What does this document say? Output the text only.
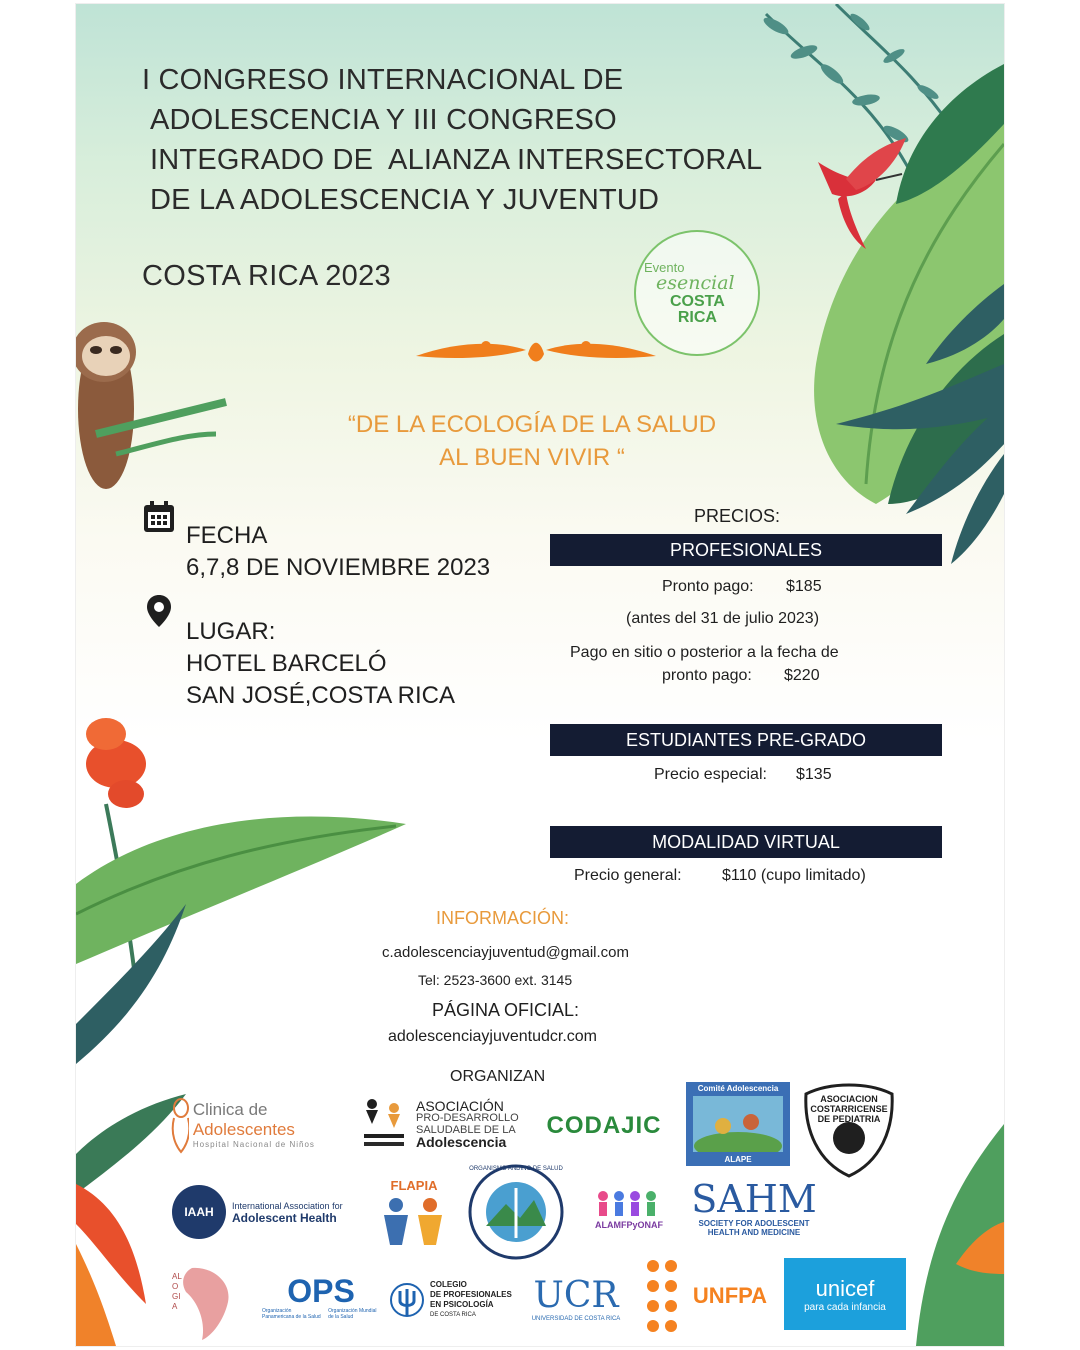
I CONGRESO INTERNACIONAL DE
ADOLESCENCIA Y III CONGRESO
INTEGRADO DE  ALIANZA INTERSECTORAL
DE LA ADOLESCENCIA Y JUVENTUD
COSTA RICA 2023	Evento
esencial
COSTA
RICA
“DE LA ECOLOGÍA DE LA SALUD
AL BUEN VIVIR “
FECHA
6,7,8 DE NOVIEMBRE 2023
LUGAR:
HOTEL BARCELÓ
SAN JOSÉ,COSTA RICA
PRECIOS:
PROFESIONALES
Pronto pago: $185
(antes del 31 de julio 2023)
Pago en sitio o posterior a la fecha de
pronto pago: $220
ESTUDIANTES PRE-GRADO
Precio especial: $135
MODALIDAD VIRTUAL
Precio general:	$110 (cupo limitado)
INFORMACIÓN:
c.adolescenciayjuventud@gmail.com
Tel: 2523-3600 ext. 3145
PÁGINA OFICIAL:
adolescenciayjuventudcr.com
ORGANIZAN
Clinica de Adolescentes
Hospital Nacional de Niños
ASOCIACIÓN
PRO-DESARROLLO
SALUDABLE DE LA
Adolescencia
CODAJIC
Comité Adolescencia
ALAPE
ASOCIACION
COSTARRICENSE
DE PEDIATRIA
IAAH	International Association for
Adolescent Health
FLAPIA
ORGANISMO ANDINO DE SALUD
ALAMFPyONAF
SAHM
SOCIETY FOR ADOLESCENT
HEALTH AND MEDICINE
ALOGIA	OPS
Organización Panamericana de la Salud
Organización Mundial de la Salud
COLEGIO
DE PROFESIONALES
EN PSICOLOGÍA
DE COSTA RICA	UCR
UNIVERSIDAD DE COSTA RICA
UNFPA unicef
para cada infancia
